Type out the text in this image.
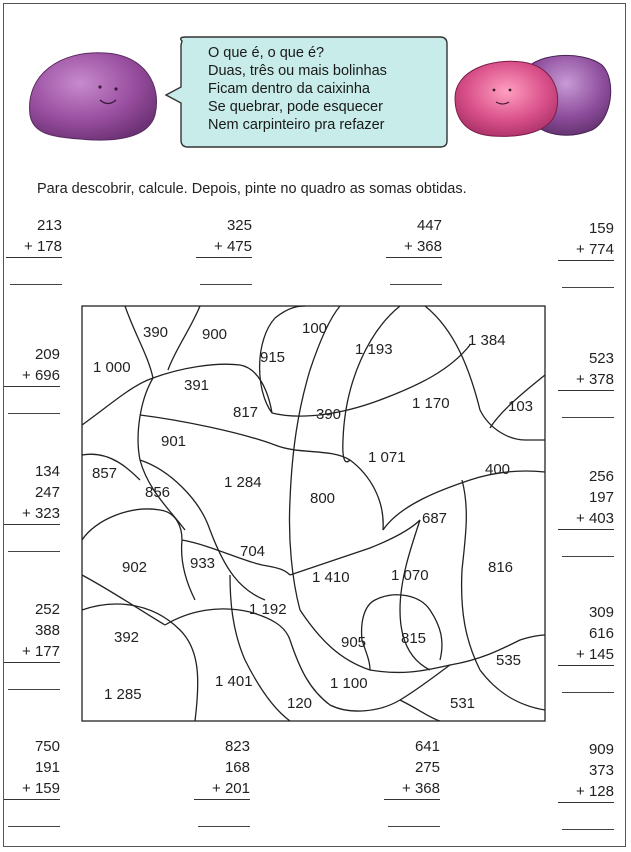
O que é, o que é?
Duas, três ou mais bolinhas
Ficam dentro da caixinha
Se quebrar, pode esquecer
Nem carpinteiro pra refazer
Para descobrir, calcule. Depois, pinte no quadro as somas obtidas.
213
+ 178
325
+ 475
447
+ 368
159
+ 774
209
+ 696
523
+ 378
134
247
+ 323
256
197
+ 403
252
388
+ 177
309
616
+ 145
750
191
+ 159
823
168
+ 201
641
275
+ 368
909
373
+ 128
390 900	100
1 193
1 384
1 000
915
391
817	390
1 170	103
901
1 071
857
1 284
400
856	800
687
902	933
704
1 410	1 070	816
1 192
392	905 815
535
1 401	1 100
1 285
120	531
